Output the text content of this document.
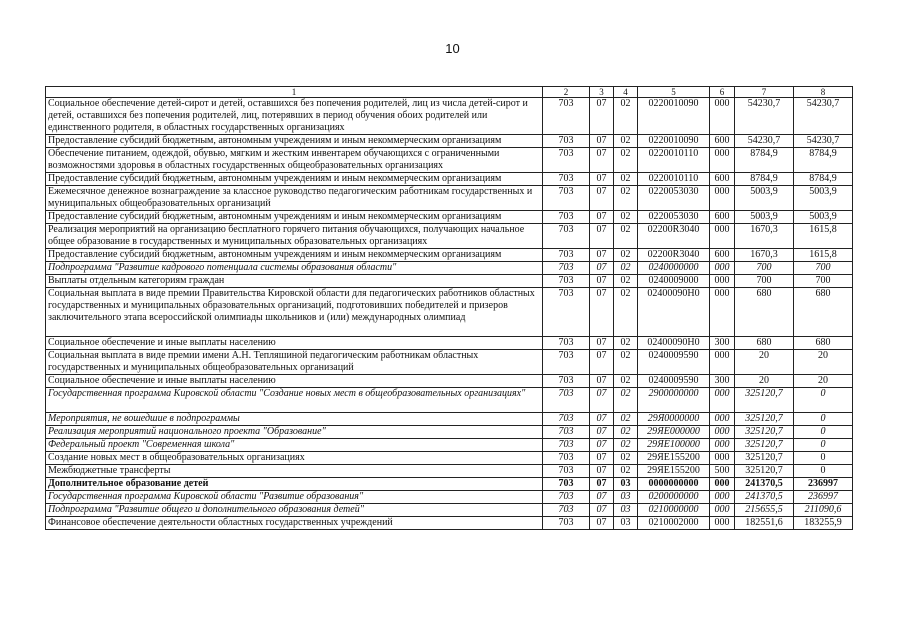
10
1	2	3	4	5	6	7	8
Социальное обеспечение детей-сирот и детей, оставшихся без попечения родителей, лиц из числа детей-сирот и детей, оставшихся без попечения родителей, лиц, потерявших в период обучения обоих родителей или единственного родителя, в областных государственных организациях	703	07	02	0220010090	000	54230,7	54230,7
Предоставление субсидий бюджетным, автономным учреждениям и иным некоммерческим организациям	703	07	02	0220010090	600	54230,7	54230,7
Обеспечение питанием, одеждой, обувью, мягким и жестким инвентарем обучающихся с ограниченными возможностями здоровья в областных государственных общеобразовательных организациях	703	07	02	0220010110	000	8784,9	8784,9
Предоставление субсидий бюджетным, автономным учреждениям и иным некоммерческим организациям	703	07	02	0220010110	600	8784,9	8784,9
Ежемесячное денежное вознаграждение за классное руководство педагогическим работникам государственных и муниципальных общеобразовательных организаций	703	07	02	0220053030	000	5003,9	5003,9
Предоставление субсидий бюджетным, автономным учреждениям и иным некоммерческим организациям	703	07	02	0220053030	600	5003,9	5003,9
Реализация мероприятий на организацию бесплатного горячего питания обучающихся, получающих начальное общее образование в государственных и муниципальных образовательных организациях	703	07	02	02200R3040	000	1670,3	1615,8
Предоставление субсидий бюджетным, автономным учреждениям и иным некоммерческим организациям	703	07	02	02200R3040	600	1670,3	1615,8
Подпрограмма "Развитие кадрового потенциала системы образования области"	703	07	02	0240000000	000	700	700
Выплаты отдельным категориям граждан	703	07	02	0240009000	000	700	700
Социальная выплата в виде премии Правительства Кировской области для педагогических работников областных государственных и муниципальных образовательных организаций, подготовивших победителей и призеров заключительного этапа всероссийской олимпиады школьников и (или) международных олимпиад	703	07	02	02400090Н0	000	680	680
Социальное обеспечение и иные выплаты населению	703	07	02	02400090Н0	300	680	680
Социальная выплата в виде премии имени А.Н. Тепляшиной педагогическим работникам областных государственных и муниципальных общеобразовательных организаций	703	07	02	0240009590	000	20	20
Социальное обеспечение и иные выплаты населению	703	07	02	0240009590	300	20	20
Государственная программа Кировской области "Создание новых мест в общеобразовательных организациях"	703	07	02	2900000000	000	325120,7	0
Мероприятия, не вошедшие в подпрограммы	703	07	02	29Я0000000	000	325120,7	0
Реализация мероприятий национального проекта "Образование"	703	07	02	29ЯЕ000000	000	325120,7	0
Федеральный проект "Современная школа"	703	07	02	29ЯЕ100000	000	325120,7	0
Создание новых мест в общеобразовательных организациях	703	07	02	29ЯЕ155200	000	325120,7	0
Межбюджетные трансферты	703	07	02	29ЯЕ155200	500	325120,7	0
Дополнительное образование детей	703	07	03	0000000000	000	241370,5	236997
Государственная программа Кировской области "Развитие образования"	703	07	03	0200000000	000	241370,5	236997
Подпрограмма "Развитие общего и дополнительного образования детей"	703	07	03	0210000000	000	215655,5	211090,6
Финансовое обеспечение деятельности областных государственных учреждений	703	07	03	0210002000	000	182551,6	183255,9
